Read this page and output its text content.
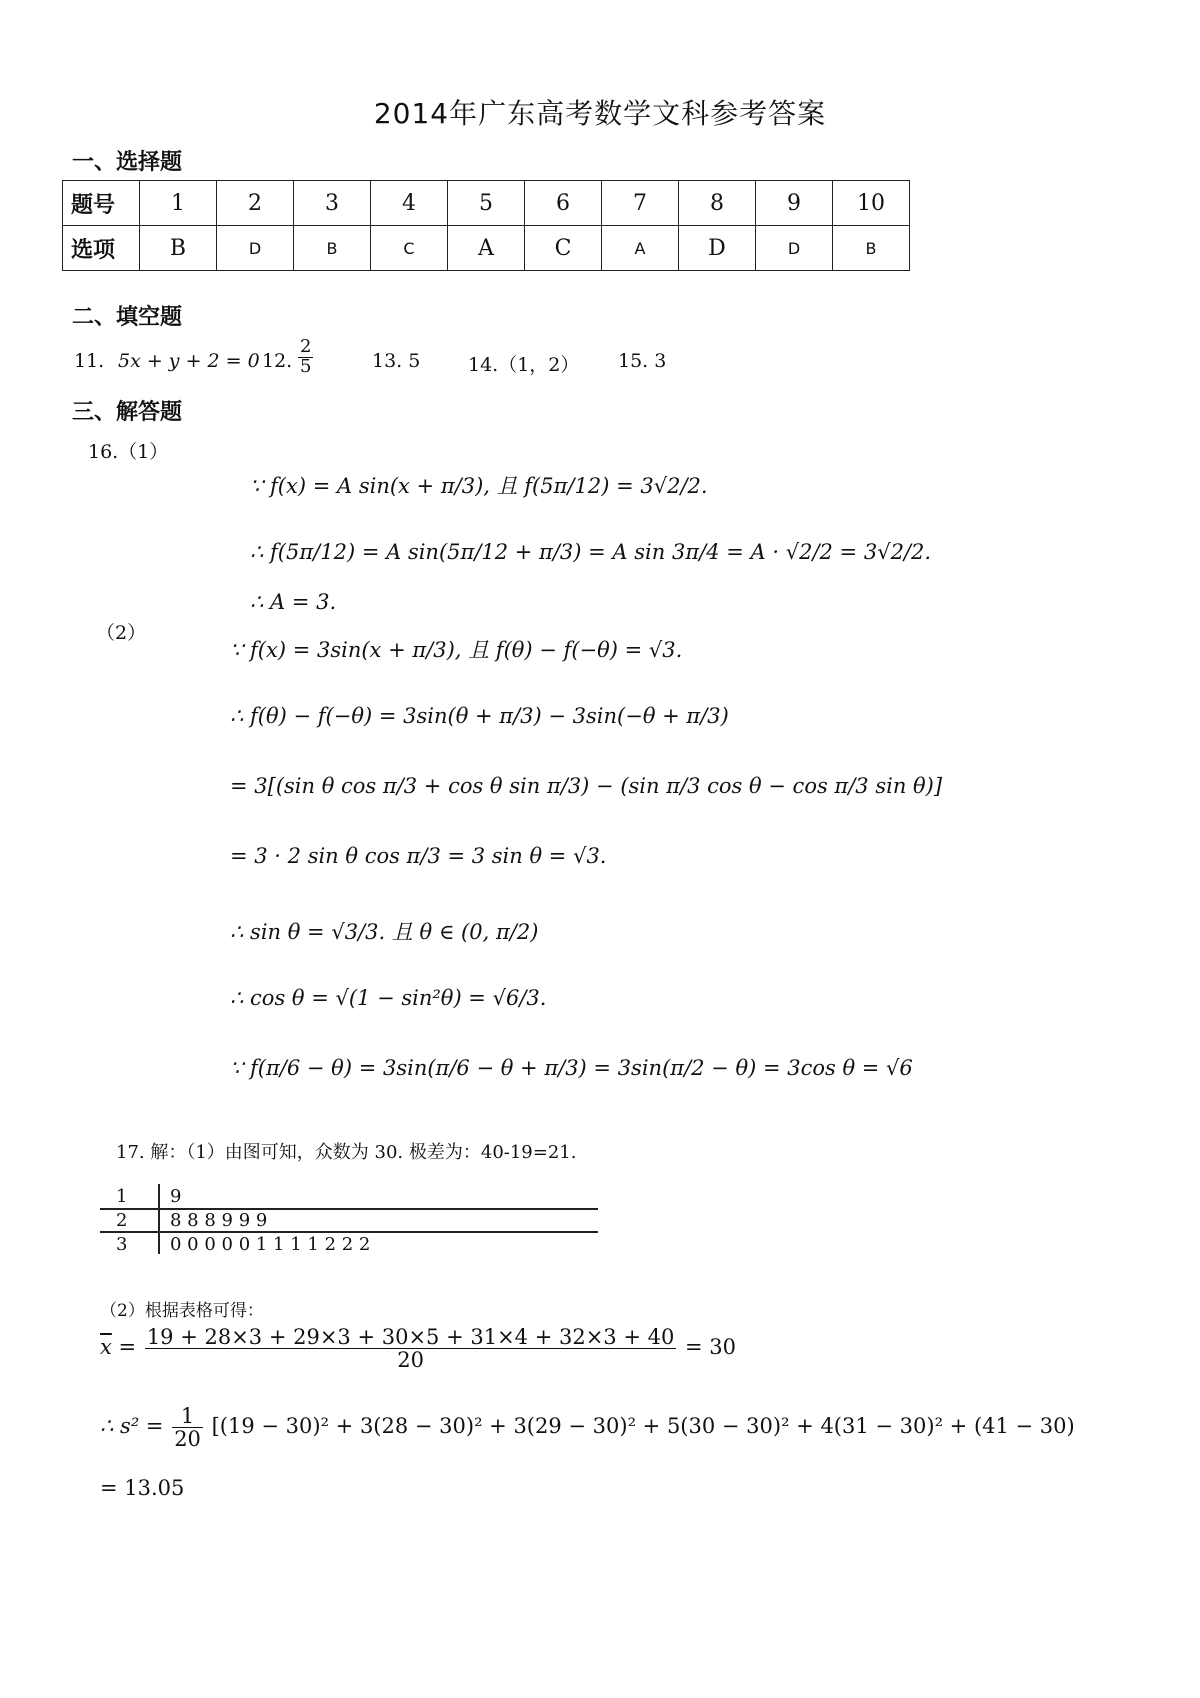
2014年广东高考数学文科参考答案
一、选择题
题号	1	2	3	4	5	6	7	8	9	10
选项	B	D	B	C	A	C	A	D	D	B
二、填空题
11. 5x + y + 2 = 0 12. $\frac{2}{5}$	13. 5	14.（1，2） 15. 3
三、解答题
16.（1）
∵ f(x) = A sin(x + π/3), 且 f(5π/12) = 3√2/2.
∴ f(5π/12) = A sin(5π/12 + π/3) = A sin 3π/4 = A · √2/2 = 3√2/2.
∴ A = 3.
（2）
∵ f(x) = 3sin(x + π/3), 且 f(θ) − f(−θ) = √3.
∴ f(θ) − f(−θ) = 3sin(θ + π/3) − 3sin(−θ + π/3)
= 3[(sin θ cos π/3 + cos θ sin π/3) − (sin π/3 cos θ − cos π/3 sin θ)]
= 3 · 2 sin θ cos π/3 = 3 sin θ = √3.
∴ sin θ = √3/3. 且 θ ∈ (0, π/2)
∴ cos θ = √(1 − sin²θ) = √6/3.
∵ f(π/6 − θ) = 3sin(π/6 − θ + π/3) = 3sin(π/2 − θ) = 3cos θ = √6
17. 解：（1）由图可知，众数为 30. 极差为：40-19=21.
1 9
2 8 8 8 9 9 9
3 0 0 0 0 0 1 1 1 1 2 2 2
（2）根据表格可得：
$\overline{x} = \frac{19 + 28\times 3 + 29\times 3 + 30\times 5 + 31\times 4 + 32\times 3 + 40}{20} = 30$
∴ $s^2 = \frac{1}{20} [(19 - 30)^2 + 3(28 - 30)^2 + 3(29 - 30)^2 + 5(30 - 30)^2 + 4(31 - 30)^2 + (41 - 30)$
= 13.05
